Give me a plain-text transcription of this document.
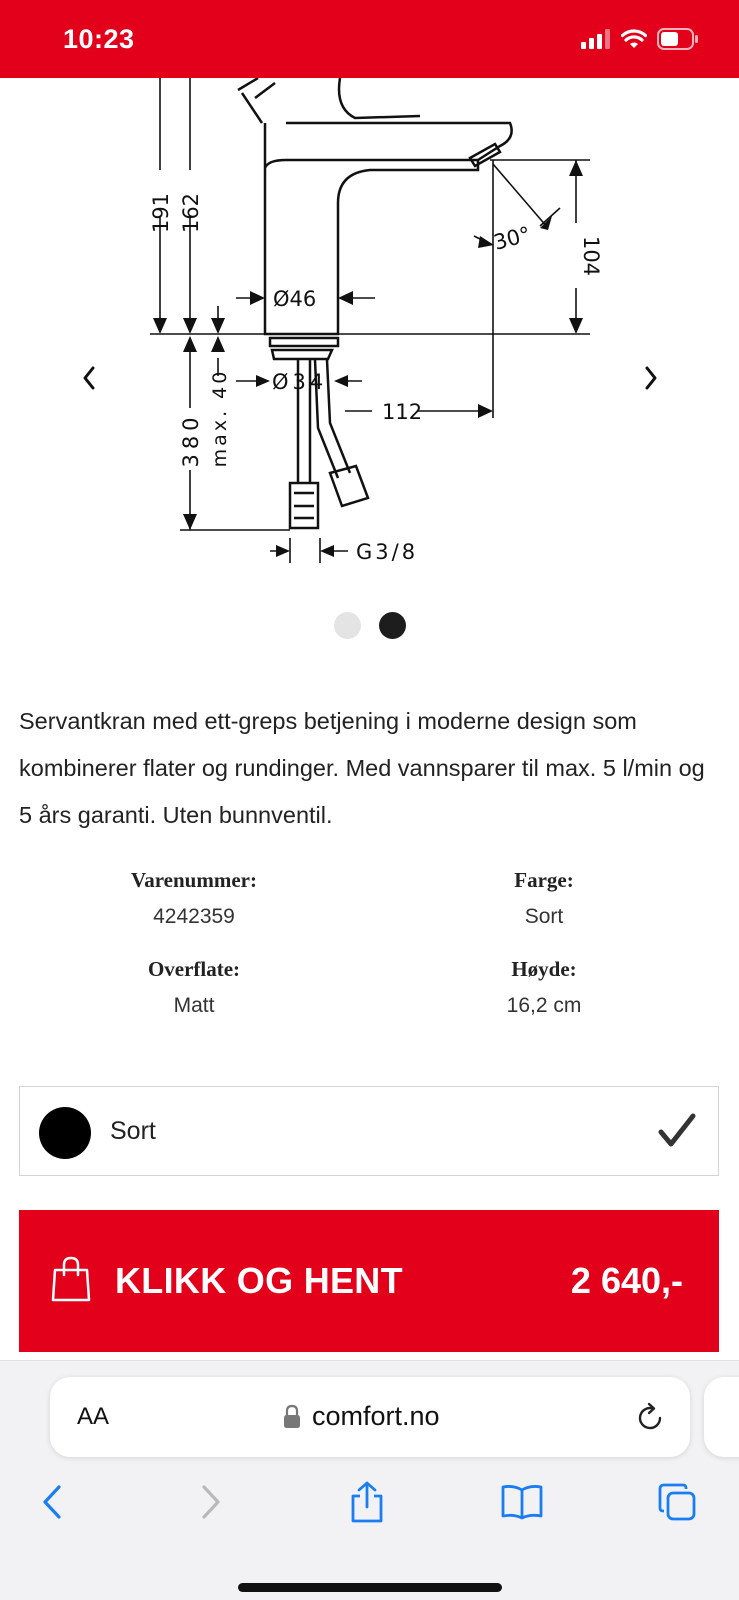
10:23
191 162
104
Ø46
Ø34
max. 40
380
112
30°
G3/8

Servantkran med ett-greps betjening i moderne design som kombinerer flater og rundinger. Med vannsparer til max. 5 l/min og 5 års garanti. Uten bunnventil.

Varenummer:
4242359
Farge:
Sort
Overflate:
Matt
Høyde:
16,2 cm
Sort
KLIKK OG HENT	2 640,-
AA	comfort.no
